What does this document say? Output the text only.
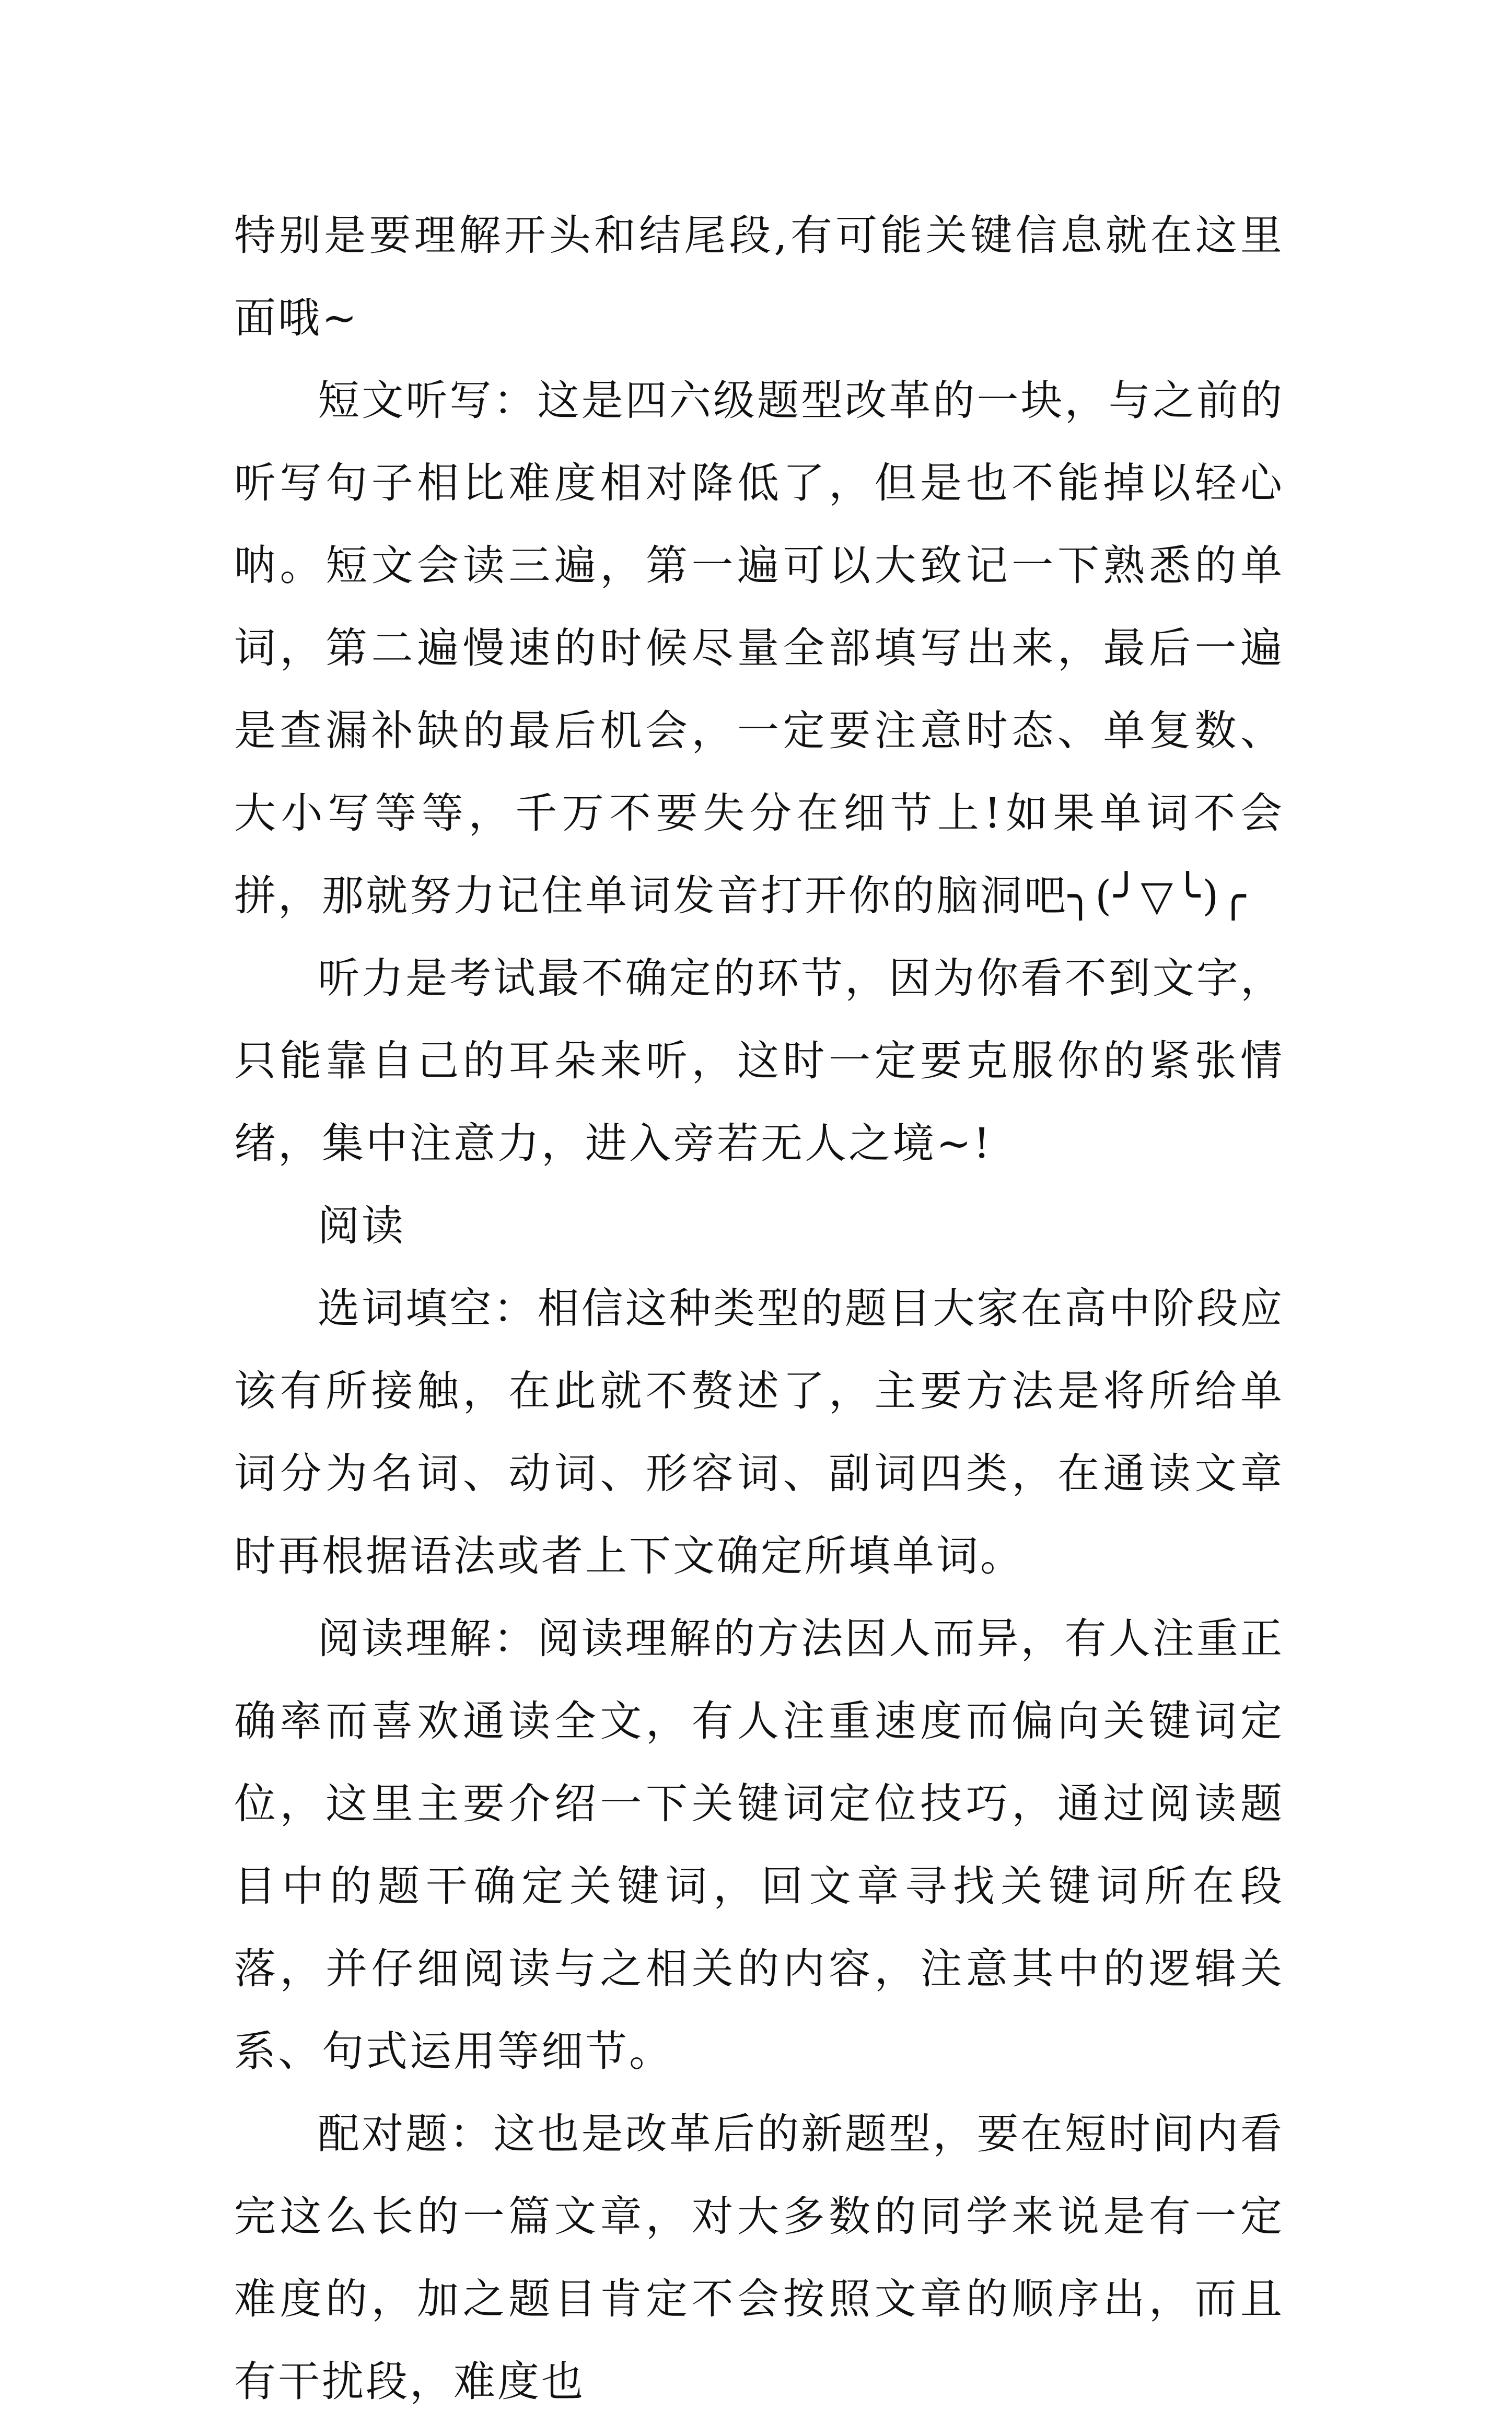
特别是要理解开头和结尾段,有可能关键信息就在这里面哦~

短文听写：这是四六级题型改革的一块，与之前的听写句子相比难度相对降低了，但是也不能掉以轻心呐。短文会读三遍，第一遍可以大致记一下熟悉的单词，第二遍慢速的时候尽量全部填写出来，最后一遍是查漏补缺的最后机会，一定要注意时态、单复数、大小写等等，千万不要失分在细节上!如果单词不会拼，那就努力记住单词发音打开你的脑洞吧╮(╯▽╰)╭

听力是考试最不确定的环节，因为你看不到文字，只能靠自己的耳朵来听，这时一定要克服你的紧张情绪，集中注意力，进入旁若无人之境~!

阅读

选词填空：相信这种类型的题目大家在高中阶段应该有所接触，在此就不赘述了，主要方法是将所给单词分为名词、动词、形容词、副词四类，在通读文章时再根据语法或者上下文确定所填单词。

阅读理解：阅读理解的方法因人而异，有人注重正确率而喜欢通读全文，有人注重速度而偏向关键词定位，这里主要介绍一下关键词定位技巧，通过阅读题目中的题干确定关键词，回文章寻找关键词所在段落，并仔细阅读与之相关的内容，注意其中的逻辑关系、句式运用等细节。

配对题：这也是改革后的新题型，要在短时间内看完这么长的一篇文章，对大多数的同学来说是有一定难度的，加之题目肯定不会按照文章的顺序出，而且有干扰段，难度也
